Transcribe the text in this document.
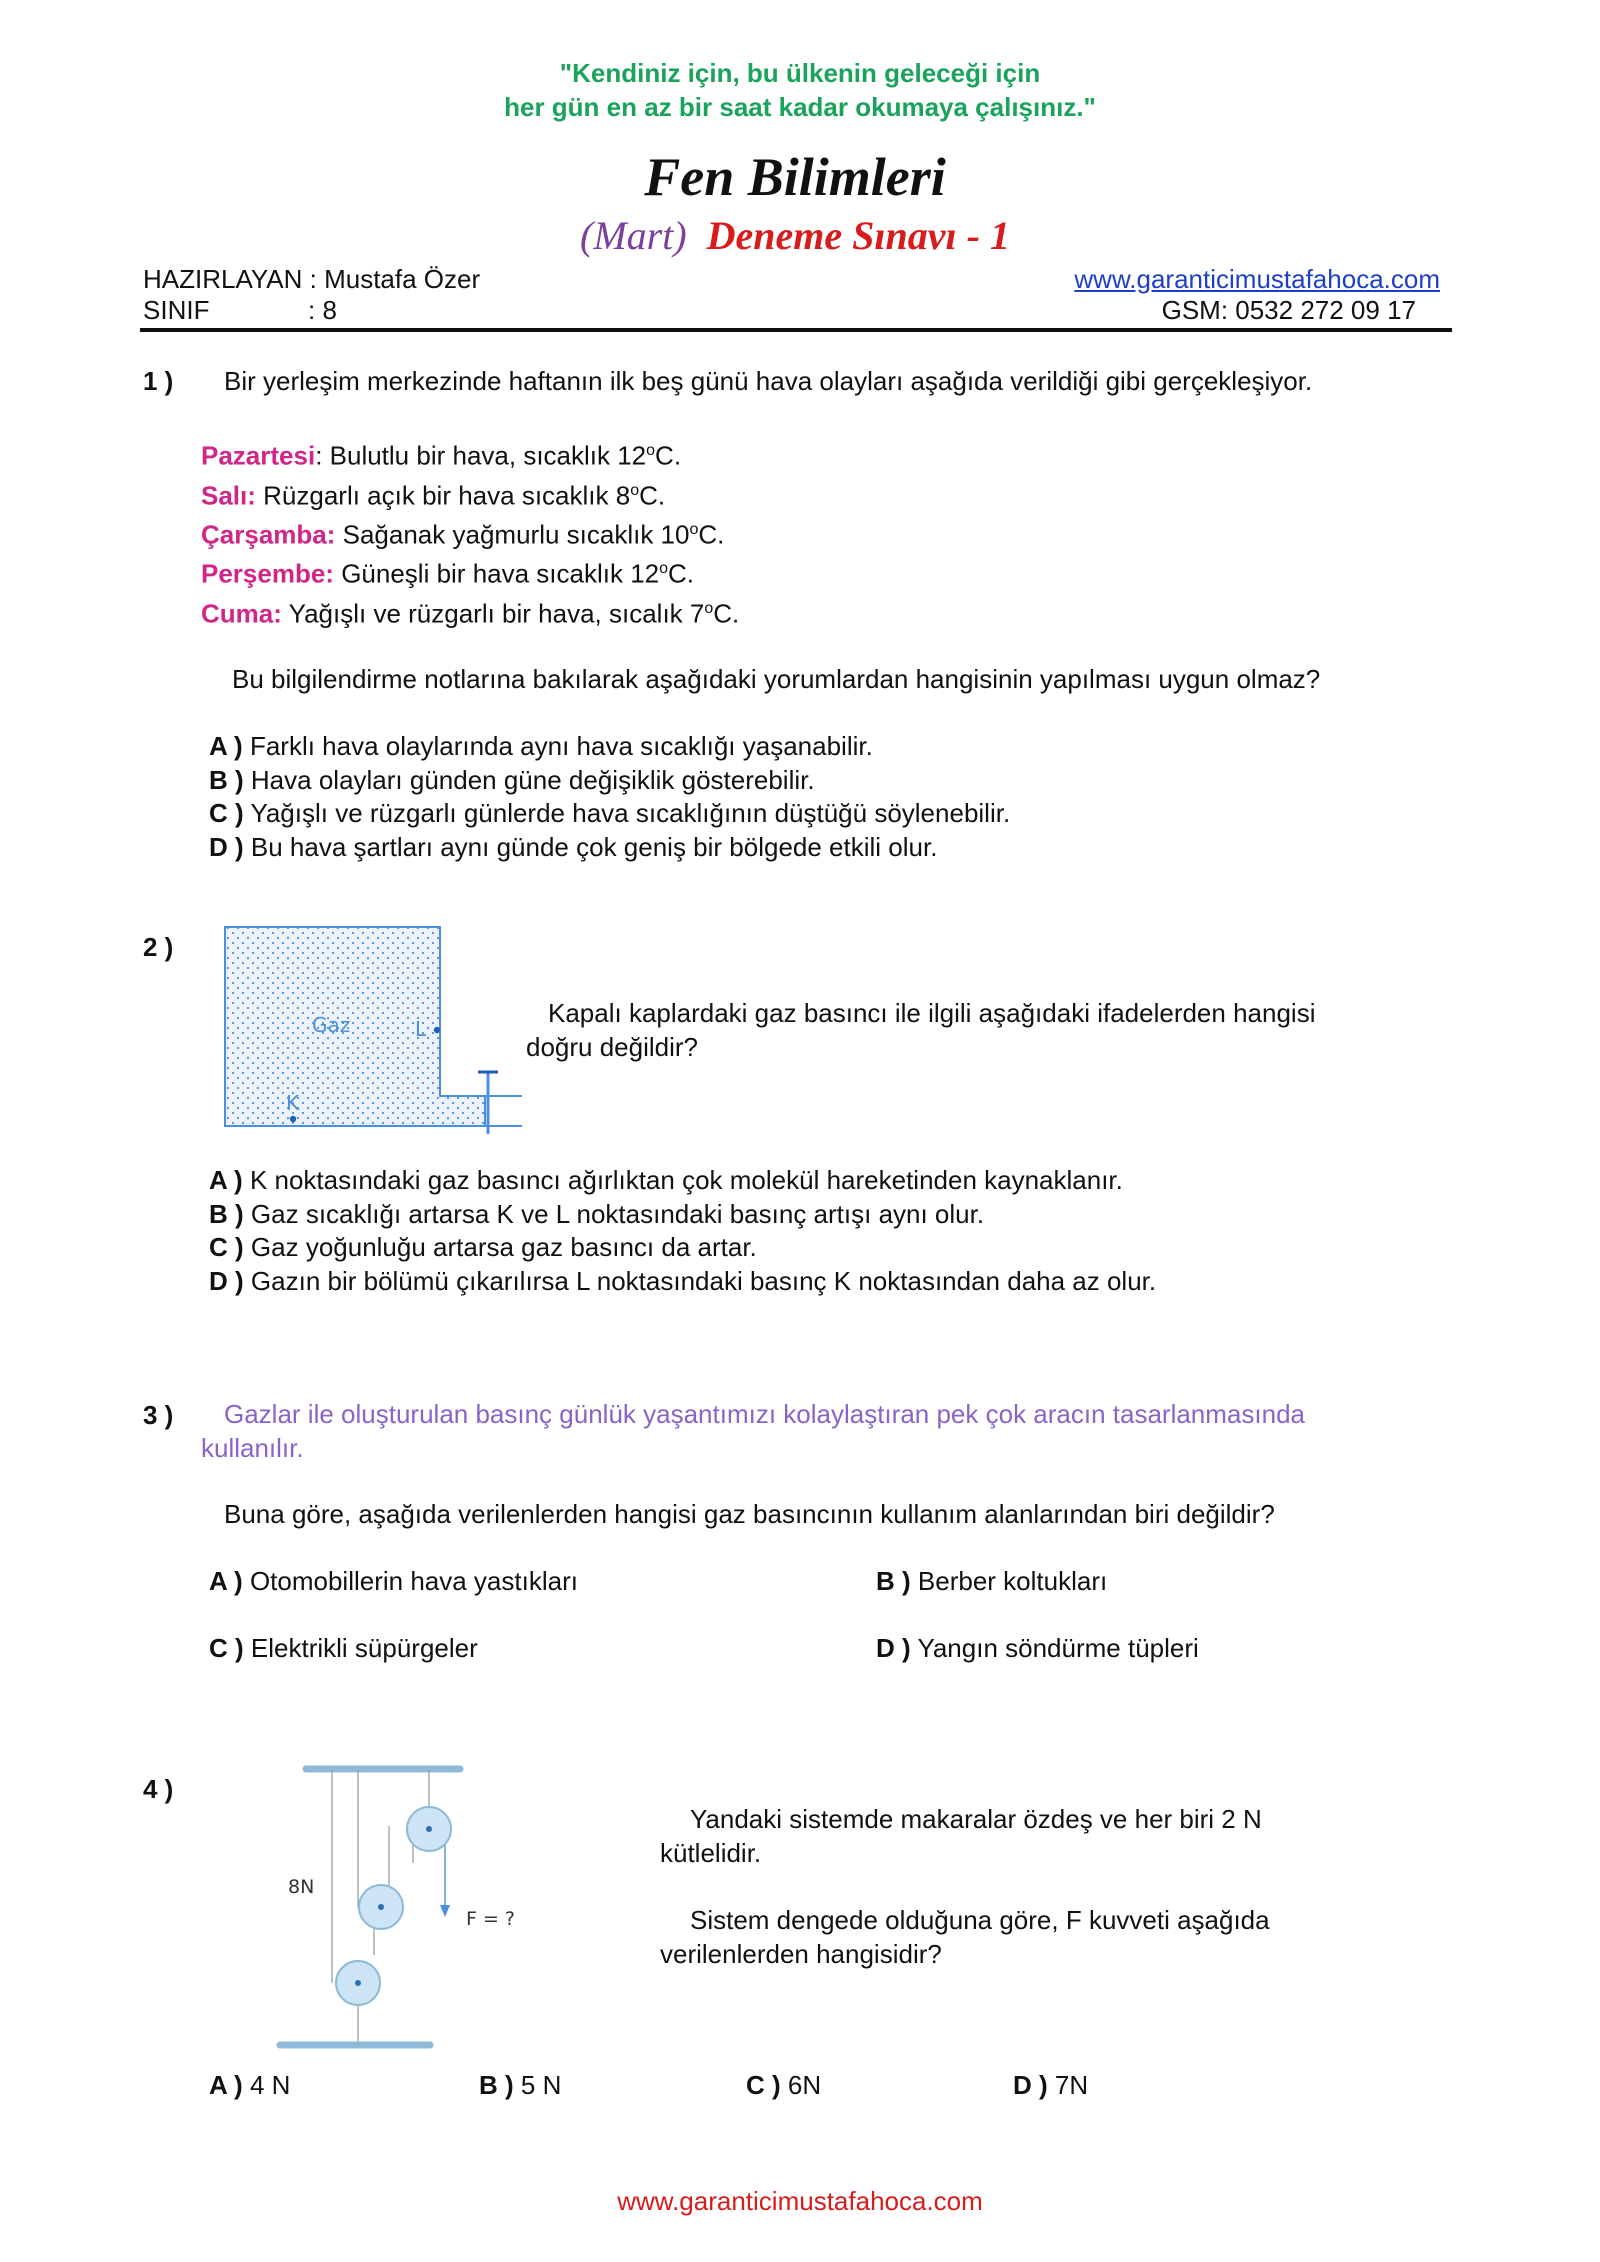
"Kendiniz için, bu ülkenin geleceği için
her gün en az bir saat kadar okumaya çalışınız."
Fen Bilimleri
(Mart) Deneme Sınavı - 1
HAZIRLAYAN : Mustafa Özer
SINIF	: 8
www.garanticimustafahoca.com
GSM: 0532 272 09 17
1 ) Bir yerleşim merkezinde haftanın ilk beş günü hava olayları aşağıda verildiği gibi gerçekleşiyor.
Pazartesi: Bulutlu bir hava, sıcaklık 12$^o$C.
Salı: Rüzgarlı açık bir hava sıcaklık 8$^o$C.
Çarşamba: Sağanak yağmurlu sıcaklık 10$^o$C.
Perşembe: Güneşli bir hava sıcaklık 12$^o$C.
Cuma: Yağışlı ve rüzgarlı bir hava, sıcalık 7$^o$C.
Bu bilgilendirme notlarına bakılarak aşağıdaki yorumlardan hangisinin yapılması uygun olmaz?
A ) Farklı hava olaylarında aynı hava sıcaklığı yaşanabilir.
B ) Hava olayları günden güne değişiklik gösterebilir.
C ) Yağışlı ve rüzgarlı günlerde hava sıcaklığının düştüğü söylenebilir.
D ) Bu hava şartları aynı günde çok geniş bir bölgede etkili olur.
2 )
Gaz	L
K
Kapalı kaplardaki gaz basıncı ile ilgili aşağıdaki ifadelerden hangisi
doğru değildir?
A ) K noktasındaki gaz basıncı ağırlıktan çok molekül hareketinden kaynaklanır.
B ) Gaz sıcaklığı artarsa K ve L noktasındaki basınç artışı aynı olur.
C ) Gaz yoğunluğu artarsa gaz basıncı da artar.
D ) Gazın bir bölümü çıkarılırsa L noktasındaki basınç K noktasından daha az olur.
3 ) Gazlar ile oluşturulan basınç günlük yaşantımızı kolaylaştıran pek çok aracın tasarlanmasında
kullanılır.
Buna göre, aşağıda verilenlerden hangisi gaz basıncının kullanım alanlarından biri değildir?
A ) Otomobillerin hava yastıkları	B ) Berber koltukları
C ) Elektrikli süpürgeler	D ) Yangın söndürme tüpleri
4 )
8N
F = ?
Yandaki sistemde makaralar özdeş ve her biri 2 N
kütlelidir.
Sistem dengede olduğuna göre, F kuvveti aşağıda
verilenlerden hangisidir?
A ) 4 N	B ) 5 N	C ) 6N	D ) 7N
www.garanticimustafahoca.com
